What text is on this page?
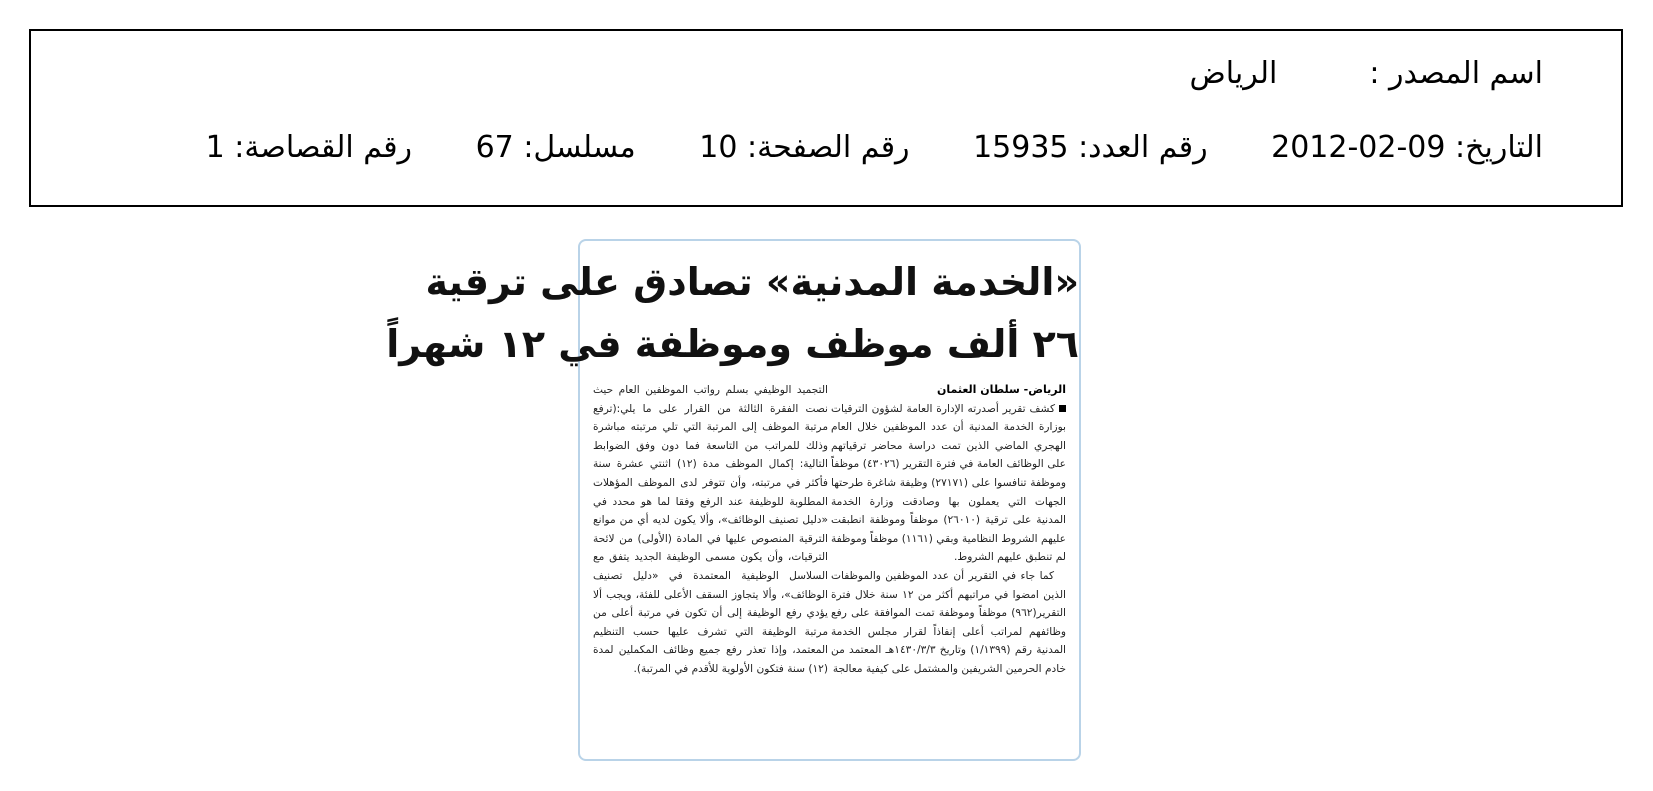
اسم المصدر :الرياض
التاريخ: 2012-02-09 رقم العدد: 15935 رقم الصفحة: 10 مسلسل: 67 رقم القصاصة: 1
«الخدمة المدنية» تصادق على ترقية
٢٦ ألف موظف وموظفة في ١٢ شهراً
الرياض- سلطان العثمان

كشف تقرير أصدرته الإدارة العامة لشؤون الترقيات بوزارة الخدمة المدنية أن عدد الموظفين خلال العام الهجري الماضي الذين تمت دراسة محاضر ترقياتهم على الوظائف العامة في فترة التقرير (٤٣٠٢٦) موظفاً وموظفة تنافسوا على (٢٧١٧١) وظيفة شاغرة طرحتها الجهات التي يعملون بها وصادقت وزارة الخدمة المدنية على ترقية (٢٦٠١٠) موظفاً وموظفة انطبقت عليهم الشروط النظامية وبقي (١١٦١) موظفاً وموظفة لم تنطبق عليهم الشروط.

كما جاء في التقرير أن عدد الموظفين والموظفات الذين امضوا في مراتبهم أكثر من ١٢ سنة خلال فترة التقرير(٩٦٢) موظفاً وموظفة تمت الموافقة على رفع وظائفهم لمراتب أعلى إنفاذاً لقرار مجلس الخدمة المدنية رقم (١/١٣٩٩) وتاريخ ١٤٣٠/٣/٣هـ المعتمد من خادم الحرمين الشريفين والمشتمل على كيفية معالجة

التجميد الوظيفي بسلم رواتب الموظفين العام حيث نصت الفقرة الثالثة من القرار على ما يلي:(ترفع مرتبة الموظف إلى المرتبة التي تلي مرتبته مباشرة وذلك للمراتب من التاسعة فما دون وفق الضوابط التالية: إكمال الموظف مدة (١٢) اثنتي عشرة سنة فأكثر في مرتبته، وأن تتوفر لدى الموظف المؤهلات المطلوبة للوظيفة عند الرفع وفقا لما هو محدد في «دليل تصنيف الوظائف»، وألا يكون لديه أي من موانع الترقية المنصوص عليها في المادة (الأولى) من لائحة الترقيات، وأن يكون مسمى الوظيفة الجديد يتفق مع السلاسل الوظيفية المعتمدة في «دليل تصنيف الوظائف»، وألا يتجاوز السقف الأعلى للفئة، ويجب ألا يؤدي رفع الوظيفة إلى أن تكون في مرتبة أعلى من مرتبة الوظيفة التي تشرف عليها حسب التنظيم المعتمد، وإذا تعذر رفع جميع وظائف المكملين لمدة (١٢) سنة فتكون الأولوية للأقدم في المرتبة).
